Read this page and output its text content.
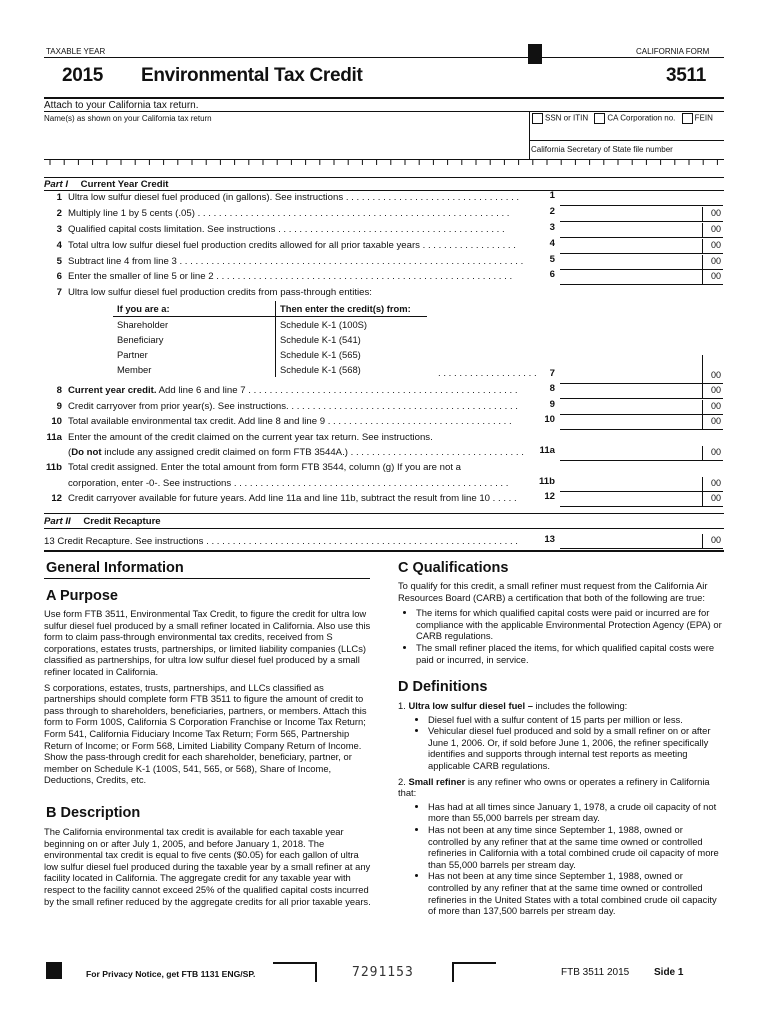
TAXABLE YEAR	CALIFORNIA FORM
2015 Environmental Tax Credit	3511
Attach to your California tax return.
Name(s) as shown on your California tax return	SSN or ITIN CA Corporation no. FEIN
California Secretary of State file number
Part I Current Year Credit
1 Ultra low sulfur diesel fuel produced (in gallons). See instructions . . . . . . . . . . . . . . . . . . . . . . . . . . . . . . . . .	1
2 Multiply line 1 by 5 cents (.05) . . . . . . . . . . . . . . . . . . . . . . . . . . . . . . . . . . . . . . . . . . . . . . . . . . . . . . . . . . .	2	00
3 Qualified capital costs limitation. See instructions . . . . . . . . . . . . . . . . . . . . . . . . . . . . . . . . . . . . . . . . . . .	3	00
4 Total ultra low sulfur diesel fuel production credits allowed for all prior taxable years . . . . . . . . . . . . . . . . . .	4	00
5 Subtract line 4 from line 3 . . . . . . . . . . . . . . . . . . . . . . . . . . . . . . . . . . . . . . . . . . . . . . . . . . . . . . . . . . . . . . . . .	5	00
6 Enter the smaller of line 5 or line 2 . . . . . . . . . . . . . . . . . . . . . . . . . . . . . . . . . . . . . . . . . . . . . . . . . . . . . . . .	6	00
7 Ultra low sulfur diesel fuel production credits from pass-through entities:
If you are a:	Then enter the credit(s) from:
Shareholder	Schedule K-1 (100S)
Beneficiary	Schedule K-1 (541)
Partner	Schedule K-1 (565)
Member	Schedule K-1 (568)	. . . . . . . . . . . . . . . . . . .	7	00
8 Current year credit. Add line 6 and line 7 . . . . . . . . . . . . . . . . . . . . . . . . . . . . . . . . . . . . . . . . . . . . . . . . . . .	8	00
9 Credit carryover from prior year(s). See instructions. . . . . . . . . . . . . . . . . . . . . . . . . . . . . . . . . . . . . . . . . . . .	9	00
10 Total available environmental tax credit. Add line 8 and line 9 . . . . . . . . . . . . . . . . . . . . . . . . . . . . . . . . . . .	10	00
11a Enter the amount of the credit claimed on the current year tax return. See instructions.
(Do not include any assigned credit claimed on form FTB 3544A.) . . . . . . . . . . . . . . . . . . . . . . . . . . . . . . . . .	11a	00
11b Total credit assigned. Enter the total amount from form FTB 3544, column (g) If you are not a
corporation, enter -0-. See instructions . . . . . . . . . . . . . . . . . . . . . . . . . . . . . . . . . . . . . . . . . . . . . . . . . . . .	11b	00
12 Credit carryover available for future years. Add line 11a and line 11b, subtract the result from line 10 . . . . .	12	00
Part II Credit Recapture
13 Credit Recapture. See instructions . . . . . . . . . . . . . . . . . . . . . . . . . . . . . . . . . . . . . . . . . . . . . . . . . . . . . . . . . . .	13	00
General Information
A Purpose

Use form FTB 3511, Environmental Tax Credit, to figure the credit for ultra low sulfur diesel fuel produced by a small refiner located in California. Also use this form to claim pass-through environmental tax credits, received from S corporations, estates trusts, partnerships, or limited liability companies (LLCs) classified as partnerships, for ultra low sulfur diesel fuel produced by a small refiner located in California.

S corporations, estates, trusts, partnerships, and LLCs classified as partnerships should complete form FTB 3511 to figure the amount of credit to pass through to shareholders, beneficiaries, partners, or members. Attach this form to Form 100S, California S Corporation Franchise or Income Tax Return; Form 541, California Fiduciary Income Tax Return; Form 565, Partnership Return of Income; or Form 568, Limited Liability Company Return of Income. Show the pass-through credit for each shareholder, beneficiary, partner, or member on Schedule K-1 (100S, 541, 565, or 568), Share of Income, Deductions, Credits, etc.

B Description

The California environmental tax credit is available for each taxable year beginning on or after July 1, 2005, and before January 1, 2018. The environmental tax credit is equal to five cents ($0.05) for each gallon of ultra low sulfur diesel fuel produced during the taxable year by a small refiner at any facility located in California. The aggregate credit for any taxable year with respect to the facility cannot exceed 25% of the qualified capital costs incurred by the small refiner reduced by the aggregate credits for all prior taxable years.

C Qualifications

To qualify for this credit, a small refiner must request from the California Air Resources Board (CARB) a certification that both of the following are true:

• The items for which qualified capital costs were paid or incurred are for compliance with the applicable Environmental Protection Agency (EPA) or CARB regulations.
• The small refiner placed the items, for which qualified capital costs were paid or incurred, in service.
D Definitions

1. Ultra low sulfur diesel fuel – includes the following:

• Diesel fuel with a sulfur content of 15 parts per million or less.
• Vehicular diesel fuel produced and sold by a small refiner on or after June 1, 2006. Or, if sold before June 1, 2006, the refiner specifically identifies and supports through internal test reports as meeting applicable CARB regulations.

2. Small refiner is any refiner who owns or operates a refinery in California that:

• Has had at all times since January 1, 1978, a crude oil capacity of not more than 55,000 barrels per stream day.
• Has not been at any time since September 1, 1988, owned or controlled by any refiner that at the same time owned or controlled refineries in California with a total combined crude oil capacity of more than 55,000 barrels per stream day.
• Has not been at any time since September 1, 1988, owned or controlled by any refiner that at the same time owned or controlled refineries in the United States with a total combined crude oil capacity of more than 137,500 barrels per stream day.
For Privacy Notice, get FTB 1131 ENG/SP.	7291153	FTB 3511 2015 Side 1
